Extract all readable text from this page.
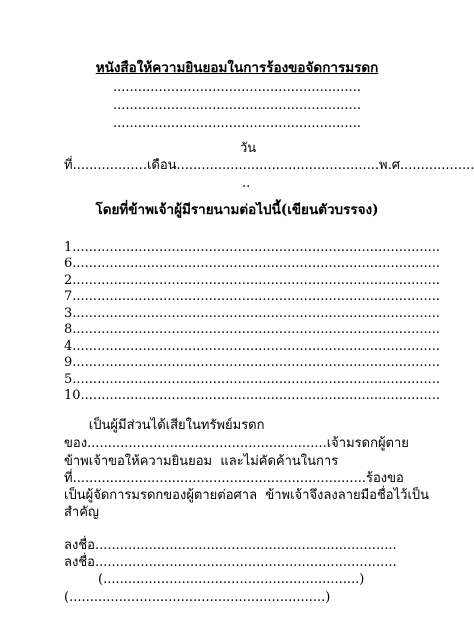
หนังสือให้ความยินยอมในการร้องขอจัดการมรดก
............................................................
............................................................
............................................................
วัน
ที่..................เดือน.................................................พ.ศ..................
..
โดยที่ข้าพเจ้าผู้มีรายนามต่อไปนี้(เขียนตัวบรรจง)
1.........................................................................................
6.........................................................................................
2.........................................................................................
7.........................................................................................
3.........................................................................................
8.........................................................................................
4.........................................................................................
9.........................................................................................
5.........................................................................................
10.......................................................................................
เป็นผู้มีส่วนได้เสียในทรัพย์มรดก
ของ..........................................................เจ้ามรดกผู้ตาย
ข้าพเจ้าขอให้ความยินยอม  และไม่คัดค้านในการ
ที่.......................................................................ร้องขอ
เป็นผู้จัดการมรดกของผู้ตายต่อศาล  ข้าพเจ้าจึงลงลายมือชื่อไว้เป็น
สำคัญ
ลงชื่อ.........................................................................
ลงชื่อ.........................................................................
(..............................................................)
(..............................................................)
